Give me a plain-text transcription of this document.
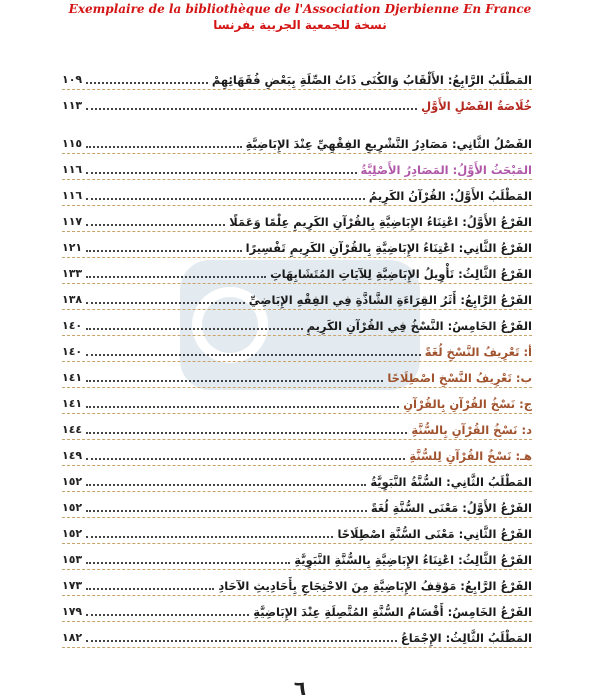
Exemplaire de la bibliothèque de l'Association Djerbienne En France
نسخة للجمعية الجربية بفرنسا
المَطْلَبُ الرَّابِعُ: الأَلْقَابُ وَالكُنَى ذَاتُ الصِّلَةِ بِبَعْضِ فُقَهَائِهِمْ
١٠٩
خُلَاصَةُ الفَصْلِ الأَوَّلِ
١١٣
الفَصْلُ الثَّانِي: مَصَادِرُ التَّشْرِيعِ الفِقْهِيِّ عِنْدَ الإِبَاضِيَّةِ
١١٥
المَبْحَثُ الأَوَّلُ: المَصَادِرُ الأَصْلِيَّةُ
١١٦
المَطْلَبُ الأَوَّلُ: القُرْآنُ الكَرِيمُ
١١٦
الفَرْعُ الأَوَّلُ: اعْتِنَاءُ الإِبَاضِيَّةِ بِالقُرْآنِ الكَرِيمِ عِلْمًا وَعَمَلًا
١١٧
الفَرْعُ الثَّانِي: اعْتِنَاءُ الإِبَاضِيَّةِ بِالقُرْآنِ الكَرِيمِ تَفْسِيرًا
١٢١
الفَرْعُ الثَّالِثُ: تَأْوِيلُ الإِبَاضِيَّةِ لِلآيَاتِ المُتَشَابِهَاتِ
١٣٣
الفَرْعُ الرَّابِعُ: أَثَرُ القِرَاءَةِ الشَّاذَّةِ فِي الفِقْهِ الإِبَاضِيِّ
١٣٨
الفَرْعُ الخَامِسُ: النَّسْخُ فِي القُرْآنِ الكَرِيمِ
١٤٠
أ: تَعْرِيفُ النَّسْخِ لُغَةً
١٤٠
ب: تَعْرِيفُ النَّسْخِ اصْطِلَاحًا
١٤١
ج: نَسْخُ القُرْآنِ بِالقُرْآنِ
١٤١
د: نَسْخُ القُرْآنِ بِالسُّنَّةِ
١٤٤
هـ: نَسْخُ القُرْآنِ لِلسُّنَّةِ
١٤٩
المَطْلَبُ الثَّانِي: السُّنَّةُ النَّبَوِيَّةُ
١٥٢
الفَرْعُ الأَوَّلُ: مَعْنَى السُّنَّةِ لُغَةً
١٥٢
الفَرْعُ الثَّانِي: مَعْنَى السُّنَّةِ اصْطِلَاحًا
١٥٢
الفَرْعُ الثَّالِثُ: اعْتِنَاءُ الإِبَاضِيَّةِ بِالسُّنَّةِ النَّبَوِيَّةِ
١٥٣
الفَرْعُ الرَّابِعُ: مَوْقِفُ الإِبَاضِيَّةِ مِنَ الاحْتِجَاجِ بِأَحَادِيثِ الآحَادِ
١٧٣
الفَرْعُ الخَامِسُ: أَقْسَامُ السُّنَّةِ المُتَّصِلَةِ عِنْدَ الإِبَاضِيَّةِ
١٧٩
المَطْلَبُ الثَّالِثُ: الإِجْمَاعُ
١٨٢
٦
